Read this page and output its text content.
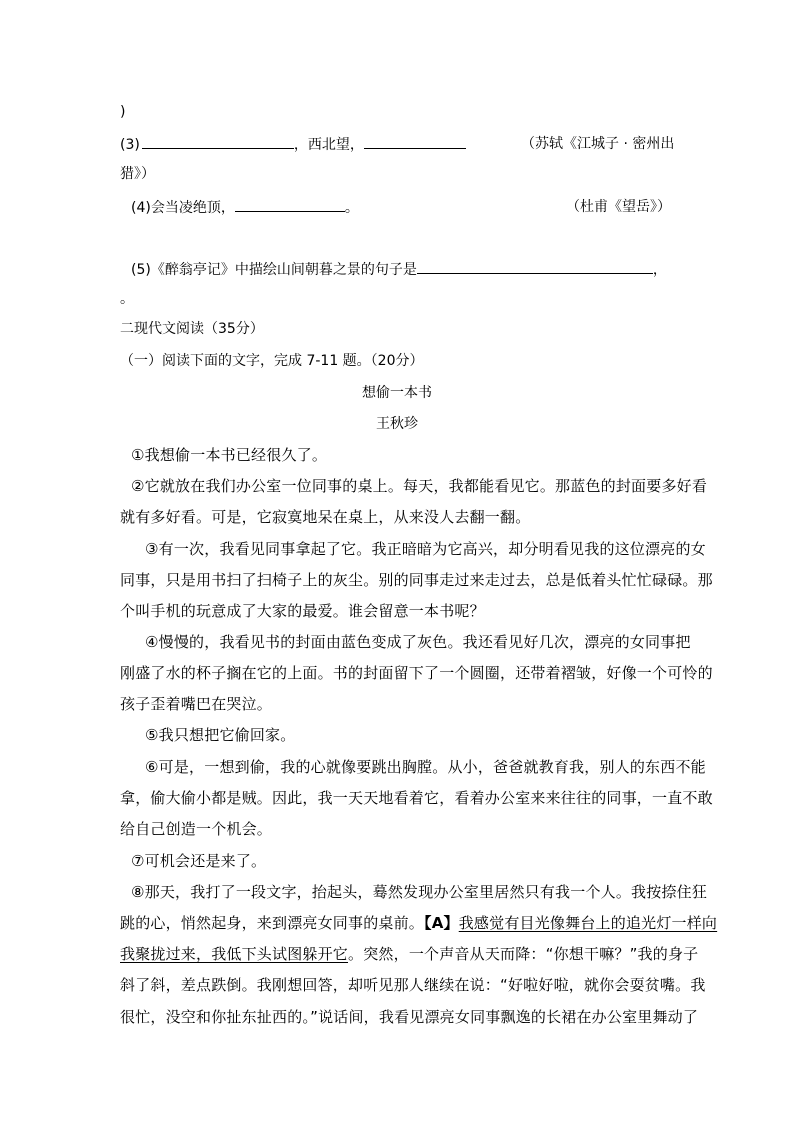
)
(3)	，西北望，	（苏轼《江城子 · 密州出
猎》）
(4)会当凌绝顶，	。	（杜甫《望岳》）
(5)《醉翁亭记》中描绘山间朝暮之景的句子是	，
。
二现代文阅读（35分）
（一）阅读下面的文字，完成 7-11 题。（20分）
想偷一本书
王秋珍
①我想偷一本书已经很久了。
②它就放在我们办公室一位同事的桌上。每天，我都能看见它。那蓝色的封面要多好看
就有多好看。可是，它寂寞地呆在桌上，从来没人去翻一翻。
③有一次，我看见同事拿起了它。我正暗暗为它高兴，却分明看见我的这位漂亮的女
同事，只是用书扫了扫椅子上的灰尘。别的同事走过来走过去，总是低着头忙忙碌碌。那
个叫手机的玩意成了大家的最爱。谁会留意一本书呢？
④慢慢的，我看见书的封面由蓝色变成了灰色。我还看见好几次，漂亮的女同事把
刚盛了水的杯子搁在它的上面。书的封面留下了一个圆圈，还带着褶皱，好像一个可怜的
孩子歪着嘴巴在哭泣。
⑤我只想把它偷回家。
⑥可是，一想到偷，我的心就像要跳出胸膛。从小，爸爸就教育我，别人的东西不能
拿，偷大偷小都是贼。因此，我一天天地看着它，看着办公室来来往往的同事，一直不敢
给自己创造一个机会。
⑦可机会还是来了。
⑧那天，我打了一段文字，抬起头，蓦然发现办公室里居然只有我一个人。我按捺住狂
跳的心，悄然起身，来到漂亮女同事的桌前。【A】我感觉有目光像舞台上的追光灯一样向
我聚拢过来，我低下头试图躲开它。突然，一个声音从天而降：“你想干嘛？”我的身子
斜了斜，差点跌倒。我刚想回答，却听见那人继续在说：“好啦好啦，就你会耍贫嘴。我
很忙，没空和你扯东扯西的。”说话间，我看见漂亮女同事飘逸的长裙在办公室里舞动了
